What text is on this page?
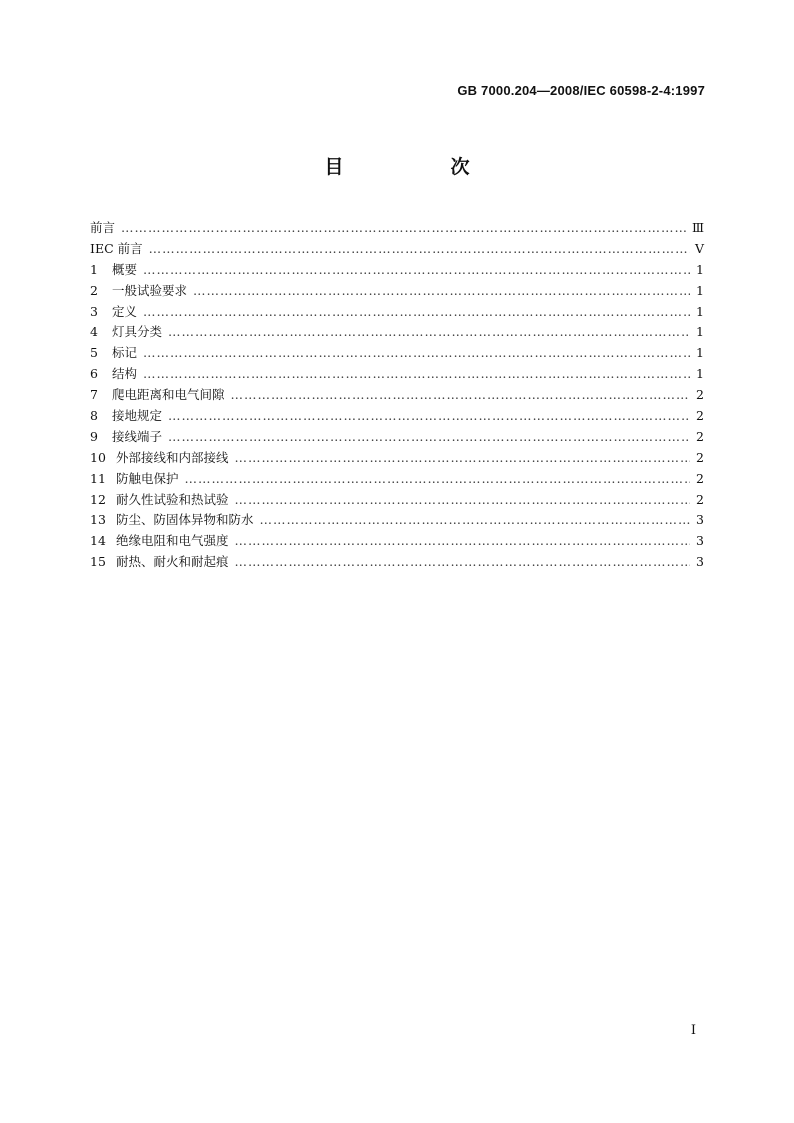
GB 7000.204—2008/IEC 60598-2-4:1997
目　次
前言 ……………………………………………………………………………………………………………………………………………………	Ⅲ
IEC 前言 ……………………………………………………………………………………………………………………………………………………	Ⅴ
1	概要 ……………………………………………………………………………………………………………………………………………………	1
2	一般试验要求 ……………………………………………………………………………………………………………………………………………………	1
3	定义 ……………………………………………………………………………………………………………………………………………………	1
4	灯具分类 ……………………………………………………………………………………………………………………………………………………	1
5	标记 ……………………………………………………………………………………………………………………………………………………	1
6	结构 ……………………………………………………………………………………………………………………………………………………	1
7	爬电距离和电气间隙 ……………………………………………………………………………………………………………………………………………………	2
8	接地规定 ……………………………………………………………………………………………………………………………………………………	2
9	接线端子 ……………………………………………………………………………………………………………………………………………………	2
10 外部接线和内部接线 ……………………………………………………………………………………………………………………………………………………	2
11 防触电保护 ……………………………………………………………………………………………………………………………………………………	2
12 耐久性试验和热试验 ……………………………………………………………………………………………………………………………………………………	2
13 防尘、防固体异物和防水 ……………………………………………………………………………………………………………………………………………………	3
14 绝缘电阻和电气强度 ……………………………………………………………………………………………………………………………………………………	3
15 耐热、耐火和耐起痕 ……………………………………………………………………………………………………………………………………………………	3
Ⅰ
